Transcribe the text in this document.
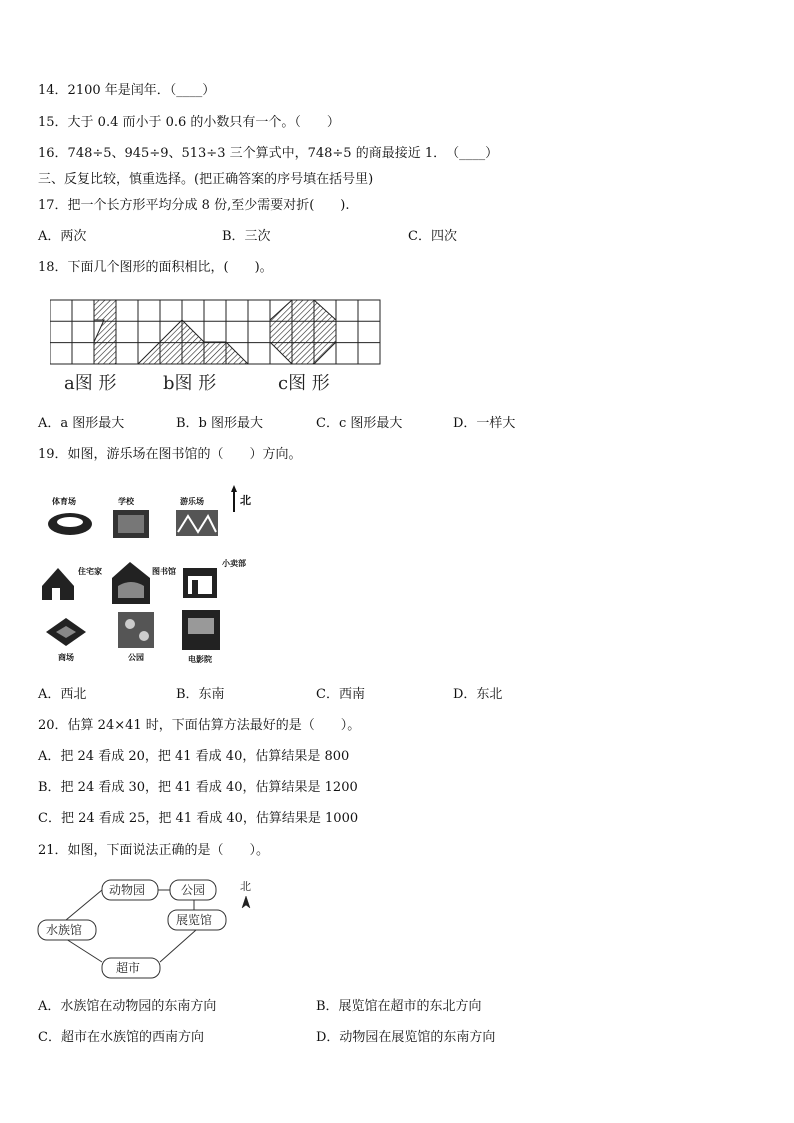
14．2100 年是闰年．（____）
15．大于 0.4 而小于 0.6 的小数只有一个。（　　）
16．748÷5、945÷9、513÷3 三个算式中，748÷5 的商最接近 1．　（____）
三、反复比较，慎重选择。(把正确答案的序号填在括号里)
17．把一个长方形平均分成 8 份,至少需要对折(　　).
A．两次	B．三次	C．四次
18．下面几个图形的面积相比，(　　)。
a图 形	b图 形	c图 形
A．a 图形最大	B．b 图形最大	C．c 图形最大	D．一样大
19．如图，游乐场在图书馆的（　　）方向。
体育场	学校	游乐场	北
住宅家	图书馆
小卖部
商场	公园	电影院
A．西北	B．东南	C．西南	D．东北
20．估算 24×41 时，下面估算方法最好的是（　　）。
A．把 24 看成 20，把 41 看成 40，估算结果是 800
B．把 24 看成 30，把 41 看成 40，估算结果是 1200
C．把 24 看成 25，把 41 看成 40，估算结果是 1000
21．如图，下面说法正确的是（　　）。
动物园	公园
展览馆
水族馆
超市
北
A．水族馆在动物园的东南方向	B．展览馆在超市的东北方向
C．超市在水族馆的西南方向	D．动物园在展览馆的东南方向
